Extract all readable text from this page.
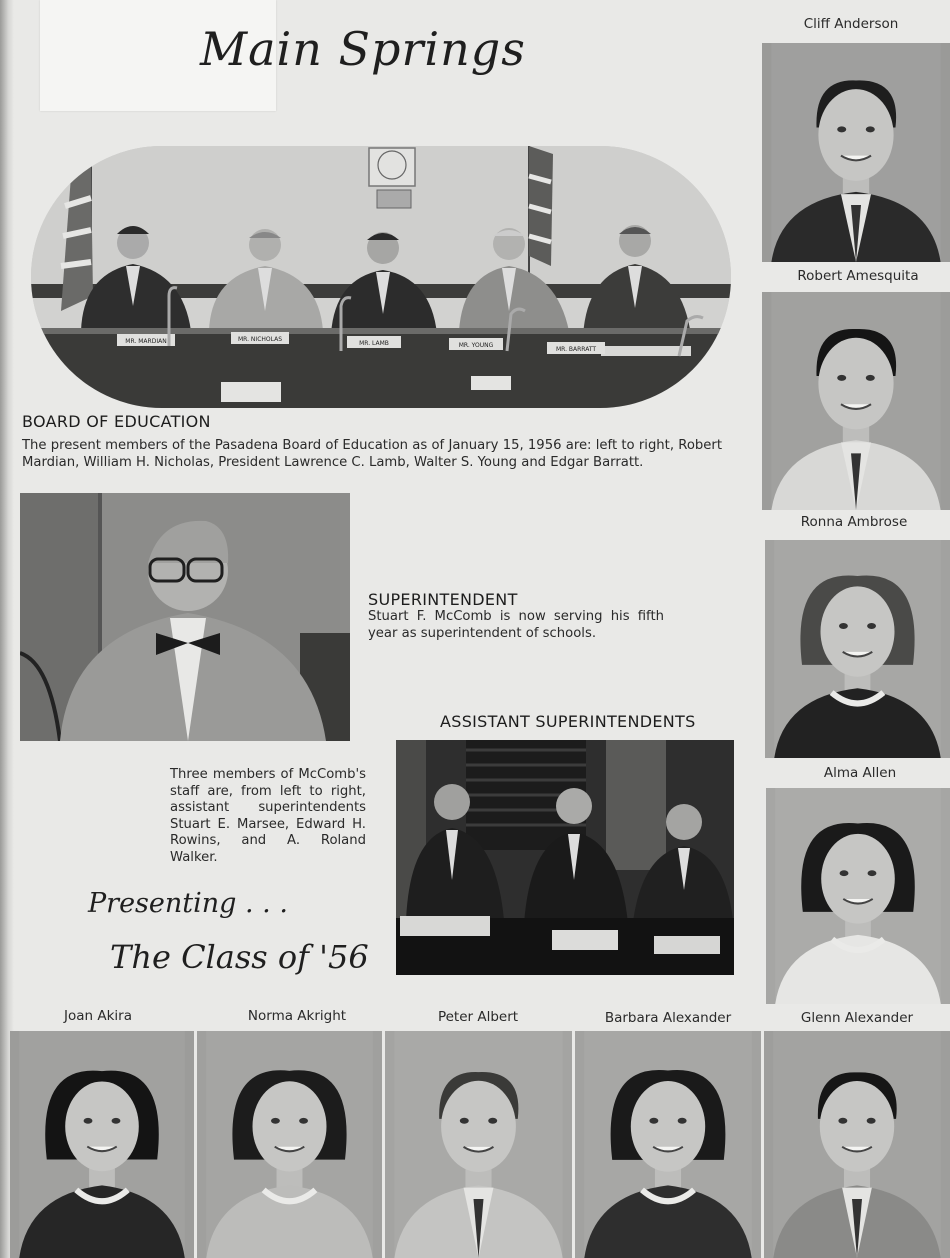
Main Springs
MR. MARDIAN	MR. NICHOLAS
MR. LAMB	MR. YOUNG
MR. BARRATT
BOARD OF EDUCATION
The present members of the Pasadena Board of Education as of January 15, 1956 are: left to right, Robert Mardian, William H. Nicholas, President Lawrence C. Lamb, Walter S. Young and Edgar Barratt.
SUPERINTENDENT
Stuart F. McComb is now serving his fifth year as superintendent of schools.
ASSISTANT SUPERINTENDENTS
Three members of McComb's staff are, from left to right, assistant superintendents Stuart E. Marsee, Edward H. Rowins, and A. Roland Walker.
Presenting . . .
The Class of '56
Cliff Anderson
Robert Amesquita
Ronna Ambrose
Alma Allen
Joan Akira	Norma Akright	Peter Albert	Barbara Alexander	Glenn Alexander
